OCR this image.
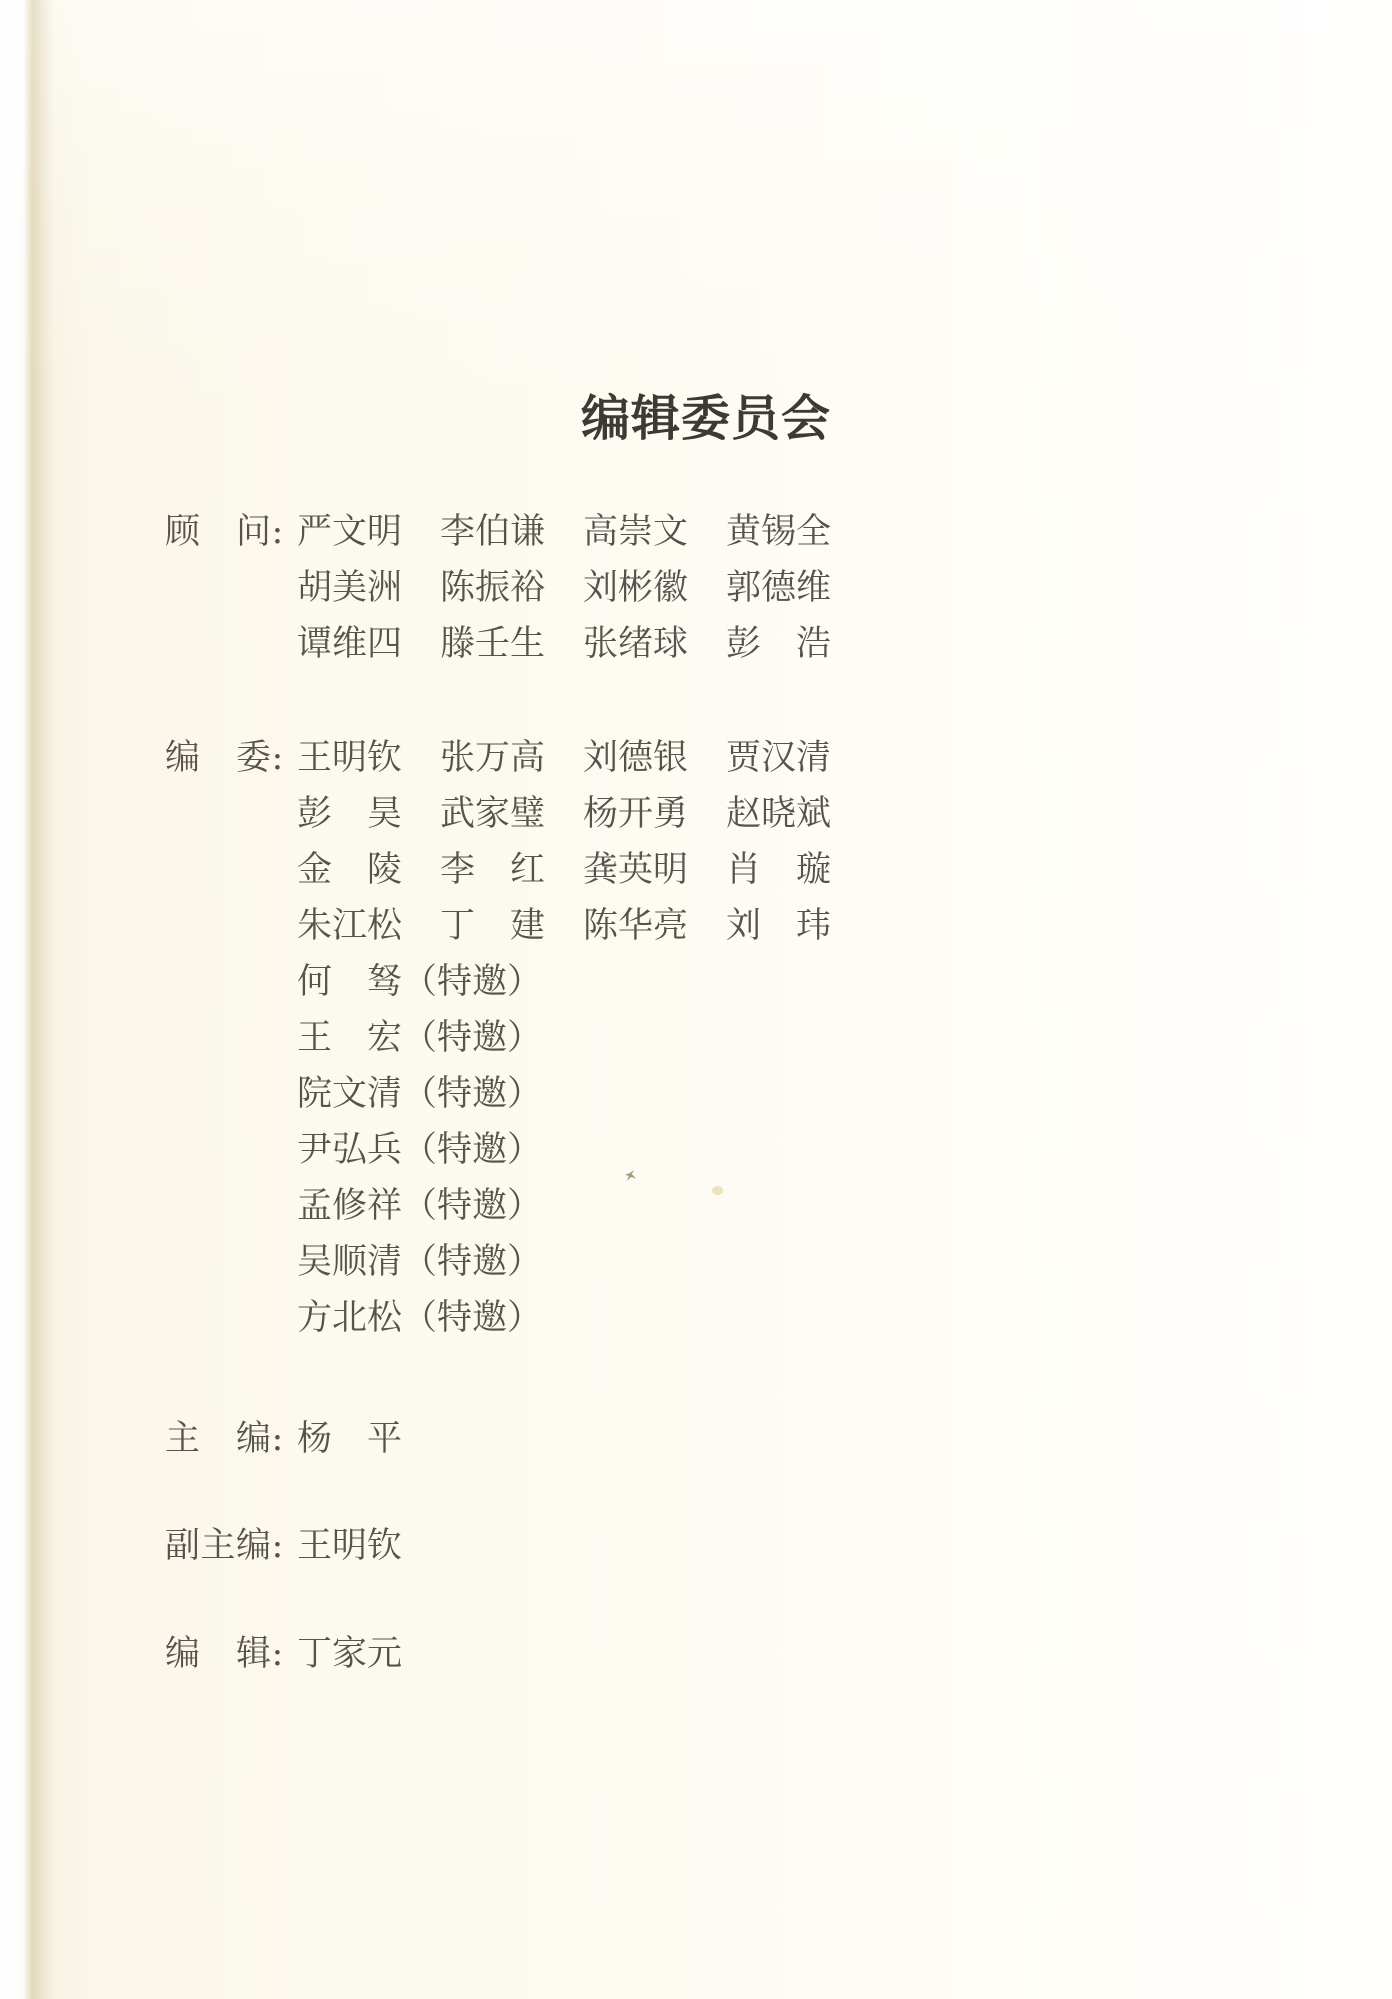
编辑委员会
顾　问: 严文明 李伯谦 高崇文 黄锡全
胡美洲 陈振裕 刘彬徽 郭德维
谭维四 滕壬生 张绪球 彭　浩
编　委: 王明钦 张万高 刘德银 贾汉清
彭　昊 武家璧 杨开勇 赵晓斌
金　陵 李　红 龚英明 肖　璇
朱江松 丁　建 陈华亮 刘　玮
何　驽（特邀）
王　宏（特邀）
院文清（特邀）
尹弘兵（特邀）
孟修祥（特邀）
吴顺清（特邀）
方北松（特邀）
主　编: 杨　平
副主编: 王明钦
编　辑: 丁家元
